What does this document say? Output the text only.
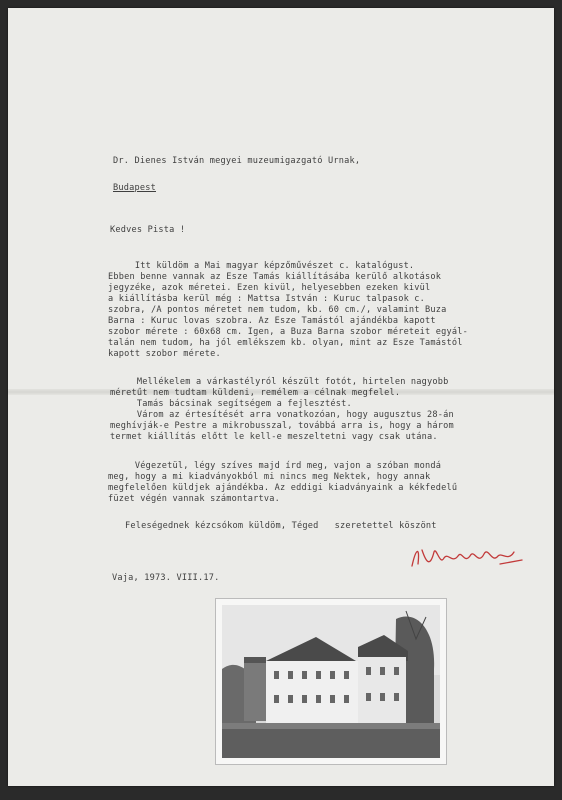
Dr. Dienes István megyei muzeumigazgató Urnak,
Budapest
Kedves Pista !
Itt küldöm a Mai magyar képzőművészet c. katalógust.
Ebben benne vannak az Esze Tamás kiállításába kerülő alkotások
jegyzéke, azok méretei. Ezen kivül, helyesebben ezeken kivül
a kiállításba kerül még : Mattsa István : Kuruc talpasok c.
szobra, /A pontos méretet nem tudom, kb. 60 cm./, valamint Buza
Barna : Kuruc lovas szobra. Az Esze Tamástól ajándékba kapott
szobor mérete : 60x68 cm. Igen, a Buza Barna szobor méreteit egyál-
talán nem tudom, ha jól emlékszem kb. olyan, mint az Esze Tamástól
kapott szobor mérete.
Mellékelem a várkastélyról készült fotót, hirtelen nagyobb
méretűt nem tudtam küldeni, remélem a célnak megfelel.
Tamás bácsinak segítségem a fejlesztést.
Várom az értesítését arra vonatkozóan, hogy augusztus 28-án
meghívják-e Pestre a mikrobusszal, továbbá arra is, hogy a három
termet kiállítás előtt le kell-e meszeltetni vagy csak utána.
Végezetül, légy szíves majd írd meg, vajon a szóban mondá
meg, hogy a mi kiadványokból mi nincs meg Nektek, hogy annak
megfelelően küldjek ajándékba. Az eddigi kiadványaink a kékfedelű
füzet végén vannak számontartva.
Feleségednek kézcsókom küldöm, Téged   szeretettel köszönt
Vaja, 1973. VIII.17.
